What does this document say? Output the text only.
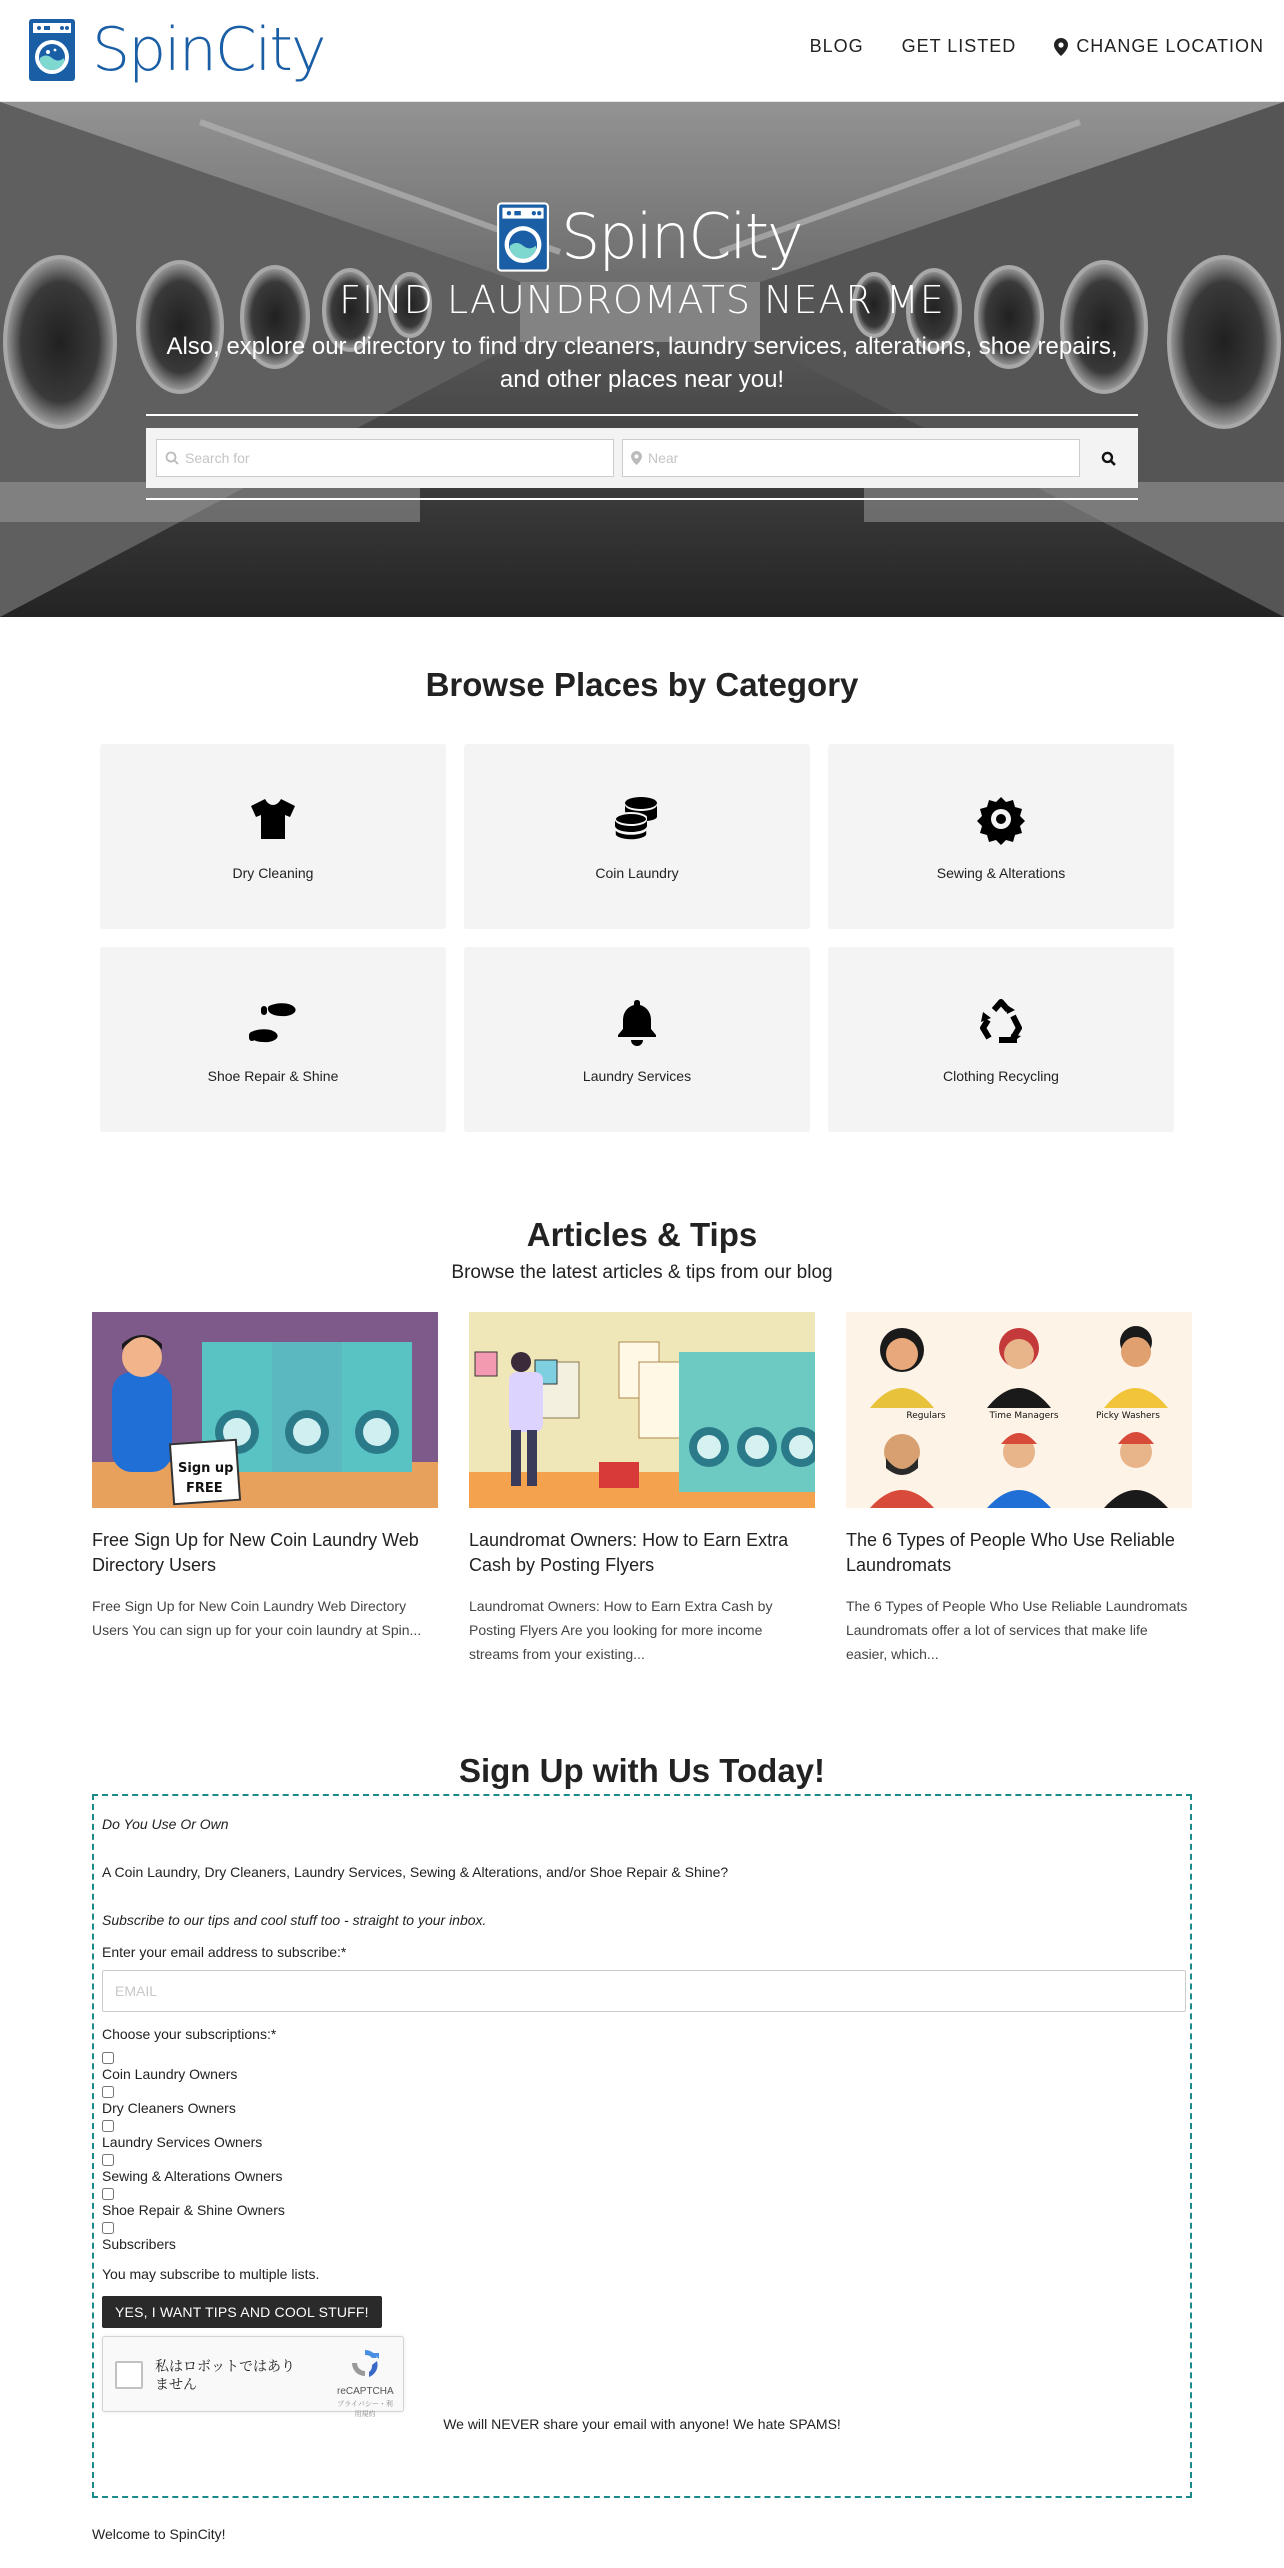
SpinCity	BLOG GET LISTED	CHANGE LOCATION
SpinCity
FIND LAUNDROMATS NEAR ME

Also, explore our directory to find dry cleaners, laundry services, alterations, shoe repairs, and other places near you!

Search for
Near
Browse Places by Category
Dry Cleaning	Coin Laundry	Sewing & Alterations
Shoe Repair & Shine	Laundry Services	Clothing Recycling
Articles & Tips

Browse the latest articles & tips from our blog

Sign up
FREE
Free Sign Up for New Coin Laundry Web Directory Users

Free Sign Up for New Coin Laundry Web Directory Users You can sign up for your coin laundry at Spin...

Laundromat Owners: How to Earn Extra Cash by Posting Flyers

Laundromat Owners: How to Earn Extra Cash by Posting Flyers Are you looking for more income streams from your existing...

Regulars	Time Managers	Picky Washers
The 6 Types of People Who Use Reliable Laundromats

The 6 Types of People Who Use Reliable Laundromats Laundromats offer a lot of services that make life easier, which...

Sign Up with Us Today!

Do You Use Or Own

A Coin Laundry, Dry Cleaners, Laundry Services, Sewing & Alterations, and/or Shoe Repair & Shine?

Subscribe to our tips and cool stuff too - straight to your inbox.

Enter your email address to subscribe:*

EMAIL

Choose your subscriptions:*

Coin Laundry Owners
Dry Cleaners Owners
Laundry Services Owners
Sewing & Alterations Owners
Shoe Repair & Shine Owners
Subscribers

You may subscribe to multiple lists.

YES, I WANT TIPS AND COOL STUFF!
私はロボットではありません	reCAPTCHA
プライバシー・利用規約

We will NEVER share your email with anyone! We hate SPAMS!

Welcome to SpinCity!
